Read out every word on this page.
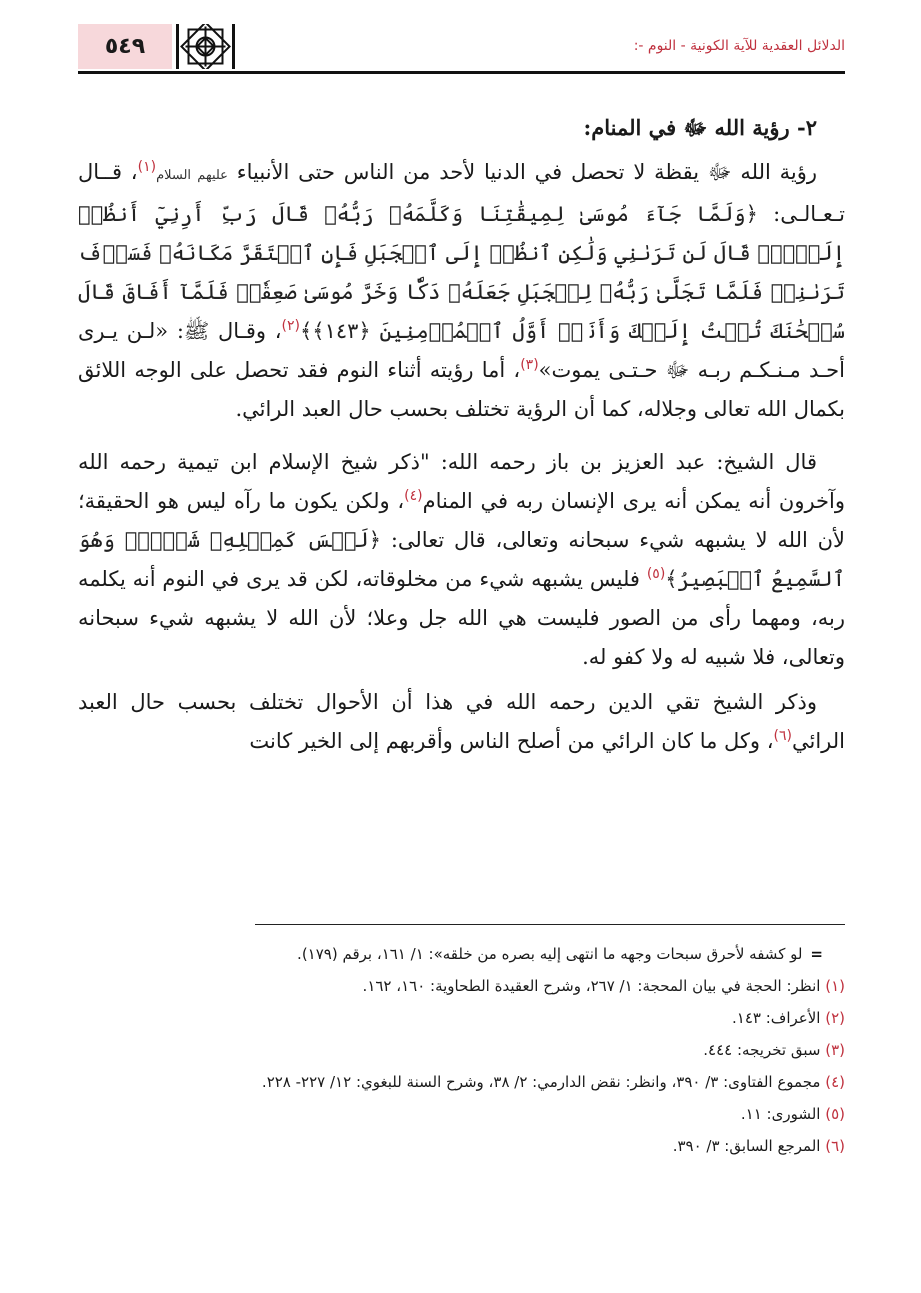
٥٤٩	الدلائل العقدية للآية الكونية - النوم -:

٢- رؤية الله ﷻ في المنام:

رؤية الله ﷻ يقظة لا تحصل في الدنيا لأحد من الناس حتى الأنبياء عليهم السلام$^{(١)}$، قــال تـعـالـى: ﴿وَلَمَّا جَآءَ مُوسَىٰ لِمِيقَٰتِنَا وَكَلَّمَهُۥ رَبُّهُۥ قَالَ رَبِّ أَرِنِيٓ أَنظُرۡ إِلَيۡكَۚ قَالَ لَن تَرَىٰنِي وَلَٰكِنِ ٱنظُرۡ إِلَى ٱلۡجَبَلِ فَإِنِ ٱسۡتَقَرَّ مَكَانَهُۥ فَسَوۡفَ تَرَىٰنِيۚ فَلَمَّا تَجَلَّىٰ رَبُّهُۥ لِلۡجَبَلِ جَعَلَهُۥ دَكّٗا وَخَرَّ مُوسَىٰ صَعِقٗاۚ فَلَمَّآ أَفَاقَ قَالَ سُبۡحَٰنَكَ تُبۡتُ إِلَيۡكَ وَأَنَا۠ أَوَّلُ ٱلۡمُؤۡمِنِينَ ﴿١٤٣﴾﴾$^{(٢)}$، وقـال ﷺ: «لـن يـرى أحـد مـنـكـم ربـه ﷻ حـتـى يموت»$^{(٣)}$، أما رؤيته أثناء النوم فقد تحصل على الوجه اللائق بكمال الله تعالى وجلاله، كما أن الرؤية تختلف بحسب حال العبد الرائي.

قال الشيخ: عبد العزيز بن باز رحمه الله: "ذكر شيخ الإسلام ابن تيمية رحمه الله وآخرون أنه يمكن أنه يرى الإنسان ربه في المنام$^{(٤)}$، ولكن يكون ما رآه ليس هو الحقيقة؛ لأن الله لا يشبهه شيء سبحانه وتعالى، قال تعالى: ﴿لَيۡسَ كَمِثۡلِهِۦ شَيۡءٞۖ وَهُوَ ٱلسَّمِيعُ ٱلۡبَصِيرُ﴾$^{(٥)}$ فليس يشبهه شيء من مخلوقاته، لكن قد يرى في النوم أنه يكلمه ربه، ومهما رأى من الصور فليست هي الله جل وعلا؛ لأن الله لا يشبهه شيء سبحانه وتعالى، فلا شبيه له ولا كفو له.

وذكر الشيخ تقي الدين رحمه الله في هذا أن الأحوال تختلف بحسب حال العبد الرائي$^{(٦)}$، وكل ما كان الرائي من أصلح الناس وأقربهم إلى الخير كانت

=لو كشفه لأحرق سبحات وجهه ما انتهى إليه بصره من خلقه»: ١/ ١٦١، برقم (١٧٩).

(١) انظر: الحجة في بيان المحجة: ١/ ٢٦٧، وشرح العقيدة الطحاوية: ١٦٠، ١٦٢.

(٢) الأعراف: ١٤٣.

(٣) سبق تخريجه: ٤٤٤.

(٤) مجموع الفتاوى: ٣/ ٣٩٠، وانظر: نقض الدارمي: ٢/ ٣٨، وشرح السنة للبغوي: ١٢/ ٢٢٧- ٢٢٨.

(٥) الشورى: ١١.

(٦) المرجع السابق: ٣/ ٣٩٠.
